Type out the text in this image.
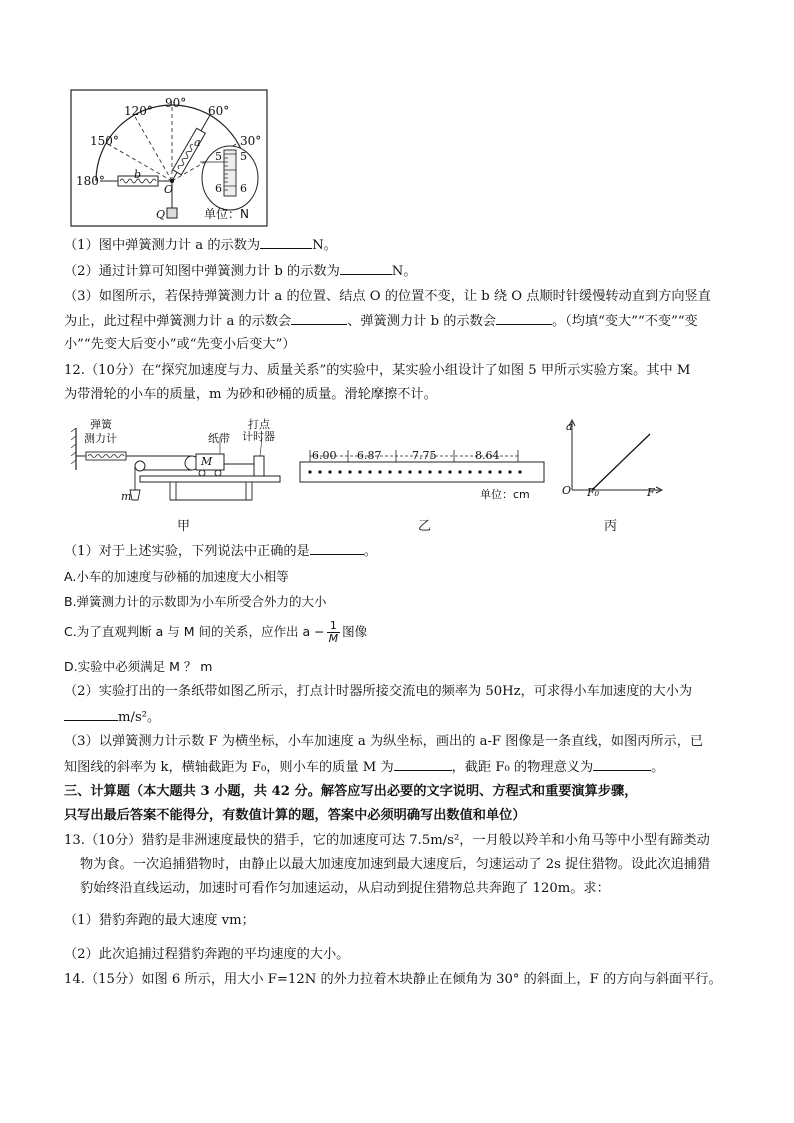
90°
120°	60°
150°	30°
180°
a
b
O
Q
5 5
6 6
单位：N
（1）图中弹簧测力计 a 的示数为	N。
（2）通过计算可知图中弹簧测力计 b 的示数为	N。
（3）如图所示，若保持弹簧测力计 a 的位置、结点 O 的位置不变，让 b 绕 O 点顺时针缓慢转动直到方向竖直
为止，此过程中弹簧测力计 a 的示数会	、弹簧测力计 b 的示数会	。（均填“变大”“不变”“变
小”“先变大后变小”或“先变小后变大”）
12.（10分）在“探究加速度与力、质量关系”的实验中，某实验小组设计了如图 5 甲所示实验方案。其中 M
为带滑轮的小车的质量，m 为砂和砂桶的质量。滑轮摩擦不计。
弹簧
测力计	纸带
打点
计时器
M
m
甲
6.00 6.87	7.75	8.64
单位：cm
乙
a
F
O F₀
丙
（1）对于上述实验，下列说法中正确的是	。
A.小车的加速度与砂桶的加速度大小相等
B.弹簧测力计的示数即为小车所受合外力的大小
C.为了直观判断 a 与 M 间的关系，应作出 $a - \frac{1}{M}$ 图像
D.实验中必须满足 M ？ m
（2）实验打出的一条纸带如图乙所示，打点计时器所接交流电的频率为 50Hz，可求得小车加速度的大小为
m/s²。
（3）以弹簧测力计示数 F 为横坐标，小车加速度 a 为纵坐标，画出的 a-F 图像是一条直线，如图丙所示，已
知图线的斜率为 k，横轴截距为 F₀，则小车的质量 M 为	，截距 F₀ 的物理意义为	。
三、计算题（本大题共 3 小题，共 42 分。解答应写出必要的文字说明、方程式和重要演算步骤，
只写出最后答案不能得分，有数值计算的题，答案中必须明确写出数值和单位）
13.（10分）猎豹是非洲速度最快的猎手，它的加速度可达 7.5m/s²，一月般以羚羊和小角马等中小型有蹄类动
物为食。一次追捕猎物时，由静止以最大加速度加速到最大速度后，匀速运动了 2s 捉住猎物。设此次追捕猎
豹始终沿直线运动，加速时可看作匀加速运动，从启动到捉住猎物总共奔跑了 120m。求：
（1）猎豹奔跑的最大速度 vm；
（2）此次追捕过程猎豹奔跑的平均速度的大小。
14.（15分）如图 6 所示，用大小 F=12N 的外力拉着木块静止在倾角为 30° 的斜面上，F 的方向与斜面平行。
